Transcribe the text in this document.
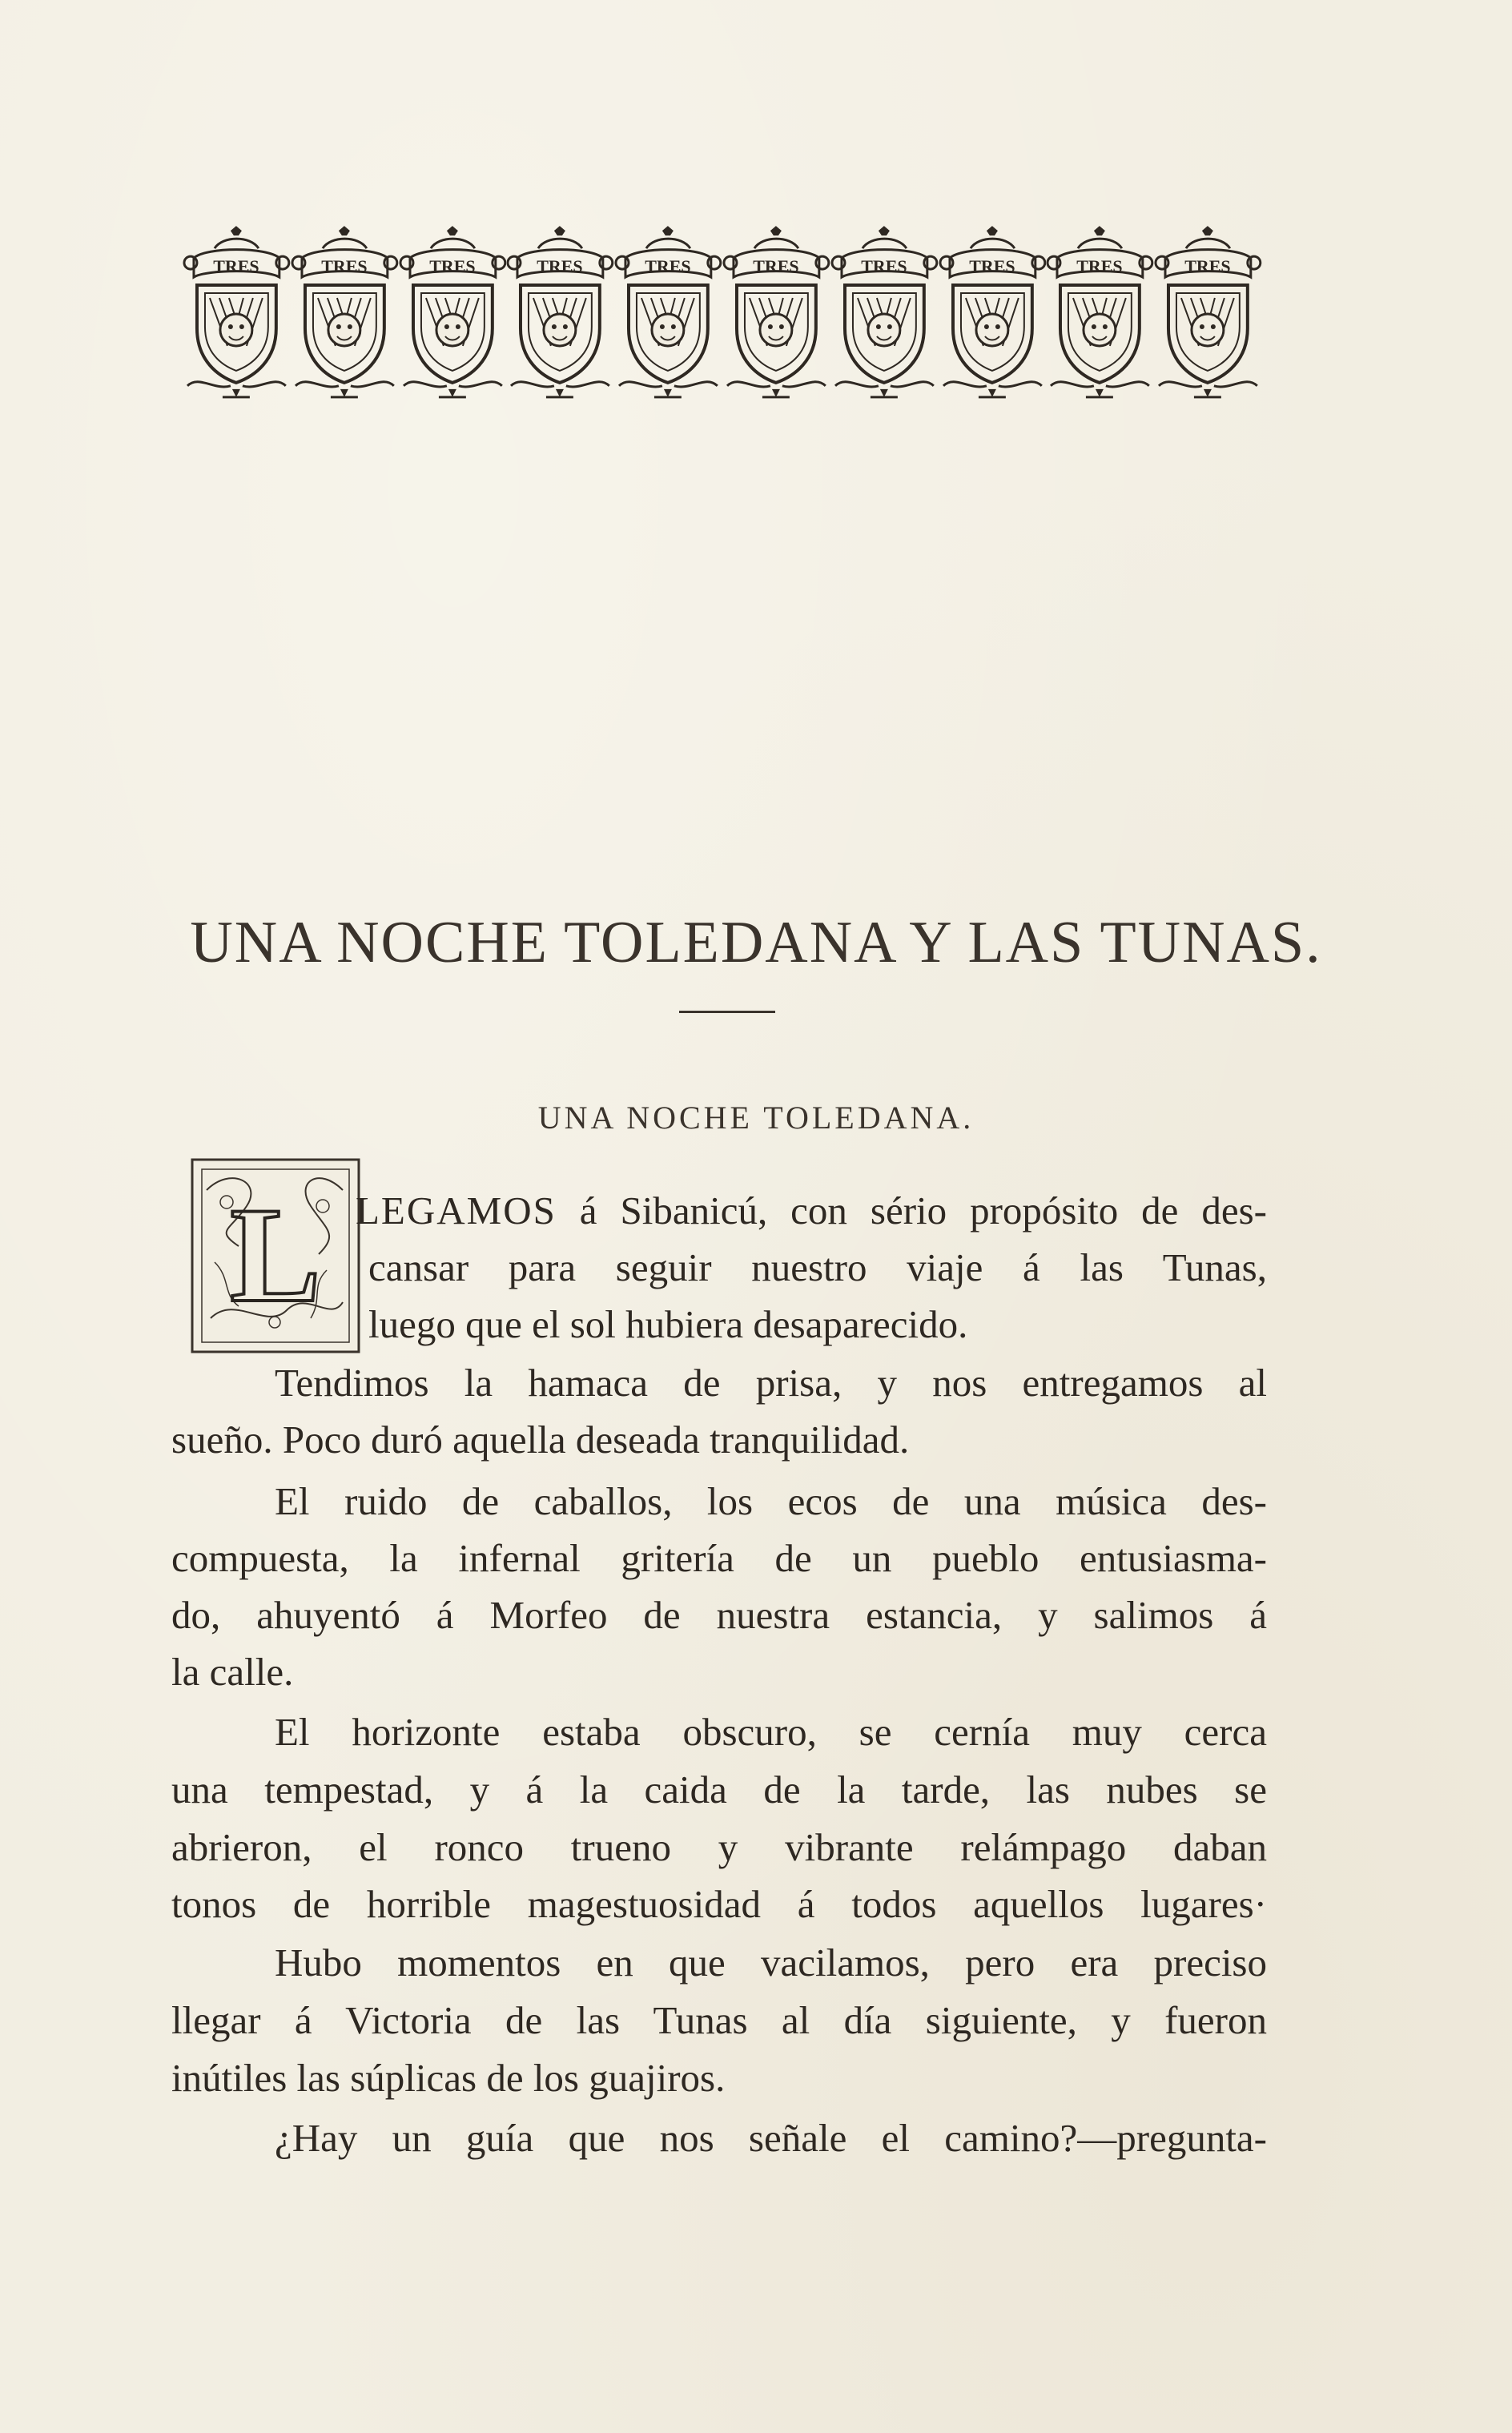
TRES	TRES	TRES	TRES	TRES	TRES	TRES	TRES	TRES	TRES
UNA NOCHE TOLEDANA Y LAS TUNAS.
UNA NOCHE TOLEDANA.
L LEGAMOS á Sibanicú, con sério propósito de des-
cansar para seguir nuestro viaje á las Tunas,
luego que el sol hubiera desaparecido.
Tendimos la hamaca de prisa, y nos entregamos al
sueño. Poco duró aquella deseada tranquilidad.
El ruido de caballos, los ecos de una música des-
compuesta, la infernal gritería de un pueblo entusiasma-
do, ahuyentó á Morfeo de nuestra estancia, y salimos á
la calle.
El horizonte estaba obscuro, se cernía muy cerca
una tempestad, y á la caida de la tarde, las nubes se
abrieron, el ronco trueno y vibrante relámpago daban
tonos de horrible magestuosidad á todos aquellos lugares·
Hubo momentos en que vacilamos, pero era preciso
llegar á Victoria de las Tunas al día siguiente, y fueron
inútiles las súplicas de los guajiros.
¿Hay un guía que nos señale el camino?—pregunta-
